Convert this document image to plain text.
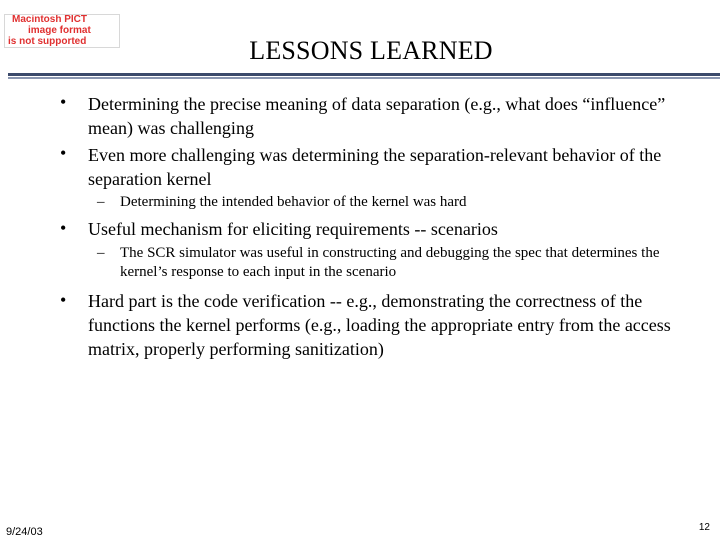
Macintosh PICT
image format
is not supported	LESSONS LEARNED
• Determining the precise meaning of data separation (e.g., what does “influence” mean) was challenging
• Even more challenging was determining the separation-relevant behavior of the separation kernel
– Determining the intended behavior of the kernel was hard
• Useful mechanism for eliciting requirements -- scenarios
– The SCR simulator was useful in constructing and debugging the spec that determines the kernel’s response to each input in the scenario
• Hard part is the code verification -- e.g., demonstrating the correctness of the functions the kernel performs (e.g., loading the appropriate entry from the access matrix, properly performing sanitization)
9/24/03	12
